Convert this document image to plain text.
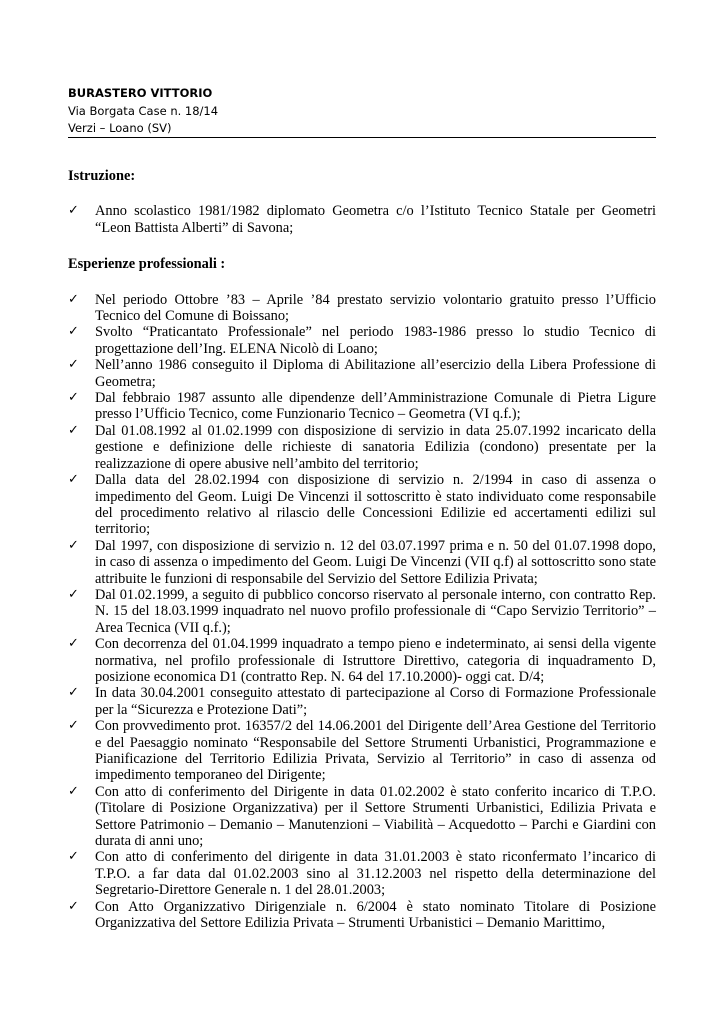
BURASTERO VITTORIO
Via Borgata Case n. 18/14
Verzi – Loano (SV)
Istruzione:
✓ Anno scolastico 1981/1982 diplomato Geometra c/o l’Istituto Tecnico Statale per Geometri “Leon Battista Alberti” di Savona;
Esperienze professionali :
✓ Nel periodo Ottobre ’83 – Aprile ’84 prestato servizio volontario gratuito presso l’Ufficio Tecnico del Comune di Boissano;
✓ Svolto “Praticantato Professionale” nel periodo 1983-1986 presso lo studio Tecnico di progettazione dell’Ing. ELENA Nicolò di Loano;
✓ Nell’anno 1986 conseguito il Diploma di Abilitazione all’esercizio della Libera Professione di Geometra;
✓ Dal febbraio 1987 assunto alle dipendenze dell’Amministrazione Comunale di Pietra Ligure presso l’Ufficio Tecnico, come Funzionario Tecnico – Geometra (VI q.f.);
✓ Dal 01.08.1992 al 01.02.1999 con disposizione di servizio in data 25.07.1992 incaricato della gestione e definizione delle richieste di sanatoria Edilizia (condono) presentate per la realizzazione di opere abusive nell’ambito del territorio;
✓ Dalla data del 28.02.1994 con disposizione di servizio n. 2/1994 in caso di assenza o impedimento del Geom. Luigi De Vincenzi il sottoscritto è stato individuato come responsabile del procedimento relativo al rilascio delle Concessioni Edilizie ed accertamenti edilizi sul territorio;
✓ Dal 1997, con disposizione di servizio n. 12 del 03.07.1997 prima e n. 50 del 01.07.1998 dopo, in caso di assenza o impedimento del Geom. Luigi De Vincenzi (VII q.f) al sottoscritto sono state attribuite le funzioni di responsabile del Servizio del Settore Edilizia Privata;
✓ Dal 01.02.1999, a seguito di pubblico concorso riservato al personale interno, con contratto Rep. N. 15 del 18.03.1999 inquadrato nel nuovo profilo professionale di “Capo Servizio Territorio” – Area Tecnica (VII q.f.);
✓ Con decorrenza del 01.04.1999 inquadrato a tempo pieno e indeterminato, ai sensi della vigente normativa, nel profilo professionale di Istruttore Direttivo, categoria di inquadramento D, posizione economica D1 (contratto Rep. N. 64 del 17.10.2000)- oggi cat. D/4;
✓ In data 30.04.2001 conseguito attestato di partecipazione al Corso di Formazione Professionale per la “Sicurezza e Protezione Dati”;
✓ Con provvedimento prot. 16357/2 del 14.06.2001 del Dirigente dell’Area Gestione del Territorio e del Paesaggio nominato “Responsabile del Settore Strumenti Urbanistici, Programmazione e Pianificazione del Territorio Edilizia Privata, Servizio al Territorio” in caso di assenza od impedimento temporaneo del Dirigente;
✓ Con atto di conferimento del Dirigente in data 01.02.2002 è stato conferito incarico di T.P.O. (Titolare di Posizione Organizzativa) per il Settore Strumenti Urbanistici, Edilizia Privata e Settore Patrimonio – Demanio – Manutenzioni – Viabilità – Acquedotto – Parchi e Giardini con durata di anni uno;
✓ Con atto di conferimento del dirigente in data 31.01.2003 è stato riconfermato l’incarico di T.P.O. a far data dal 01.02.2003 sino al 31.12.2003 nel rispetto della determinazione del Segretario-Direttore Generale n. 1 del 28.01.2003;
✓ Con Atto Organizzativo Dirigenziale n. 6/2004 è stato nominato Titolare di Posizione Organizzativa del Settore Edilizia Privata – Strumenti Urbanistici – Demanio Marittimo,
